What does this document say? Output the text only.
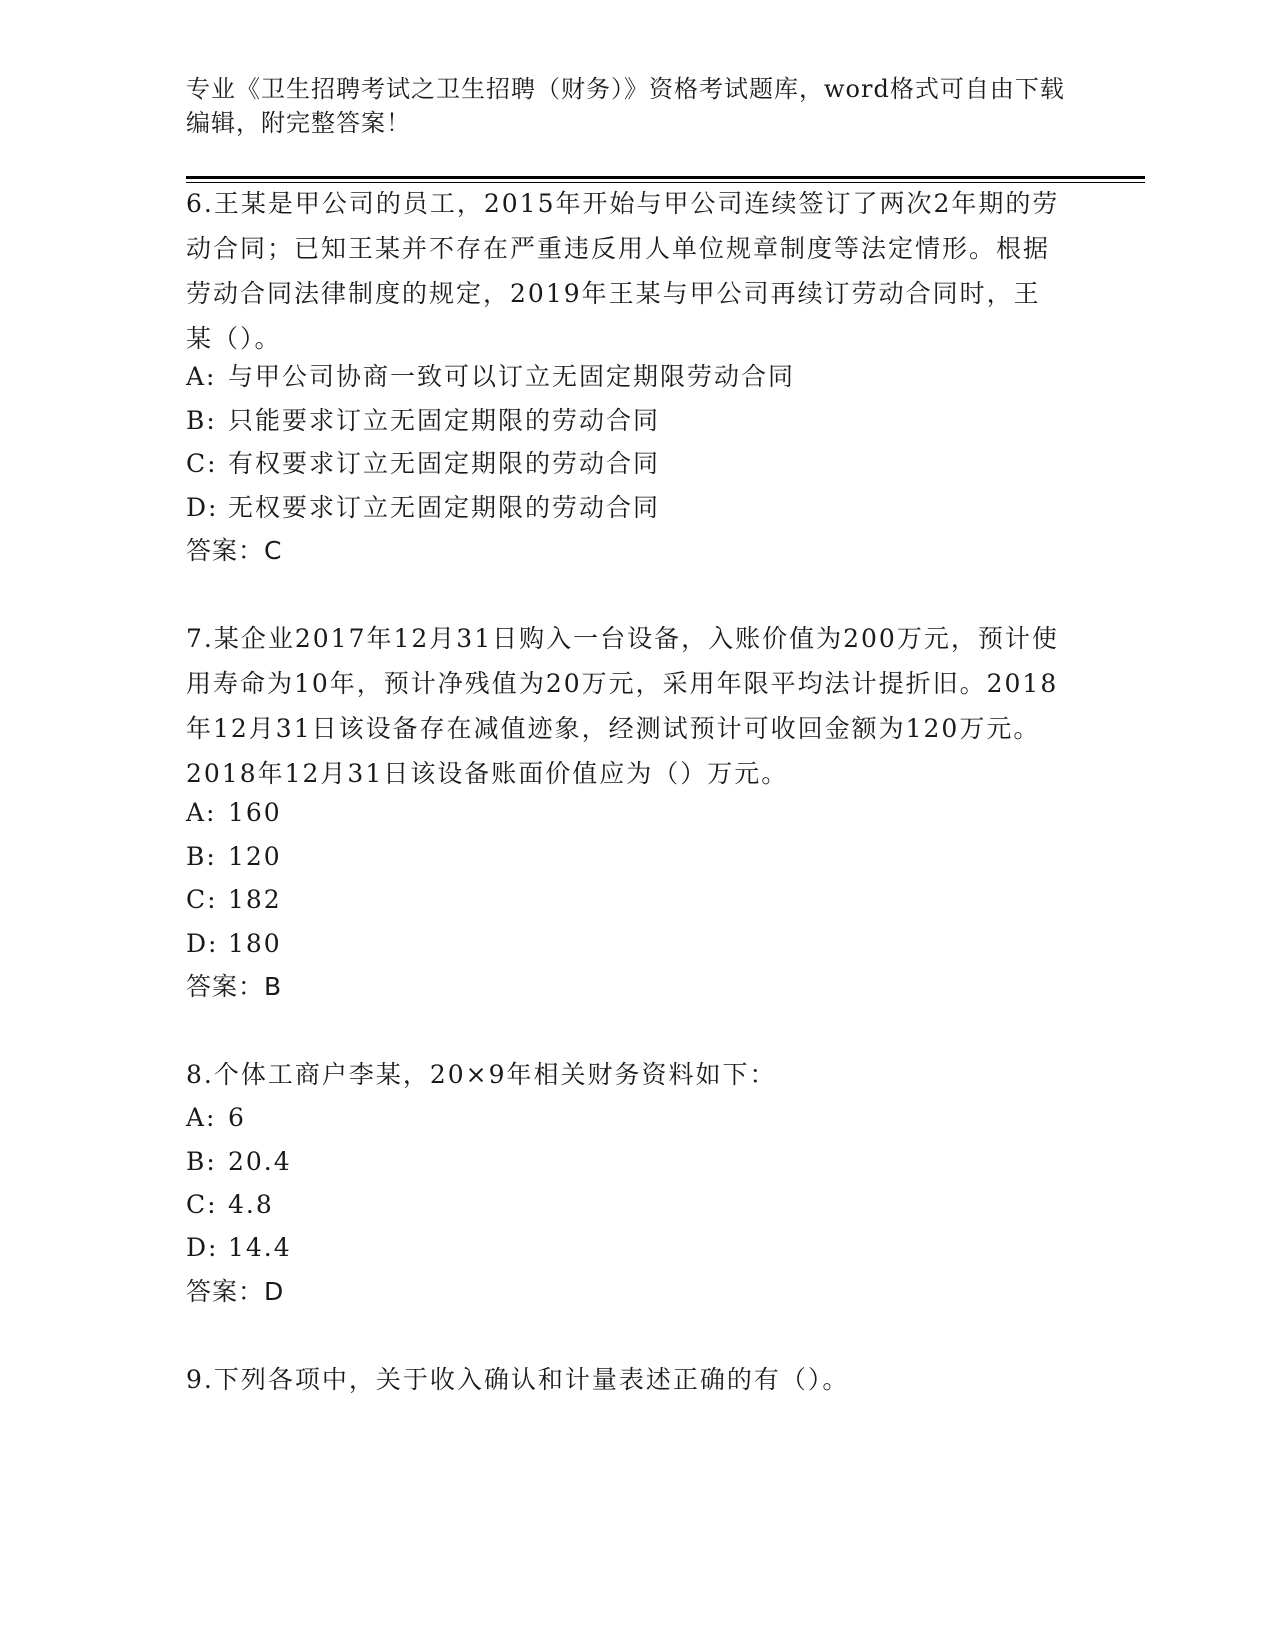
专业《卫生招聘考试之卫生招聘（财务）》资格考试题库，word格式可自由下载
编辑，附完整答案！
6.王某是甲公司的员工，2015年开始与甲公司连续签订了两次2年期的劳动合同；已知王某并不存在严重违反用人单位规章制度等法定情形。根据劳动合同法律制度的规定，2019年王某与甲公司再续订劳动合同时，王某（）。
A: 与甲公司协商一致可以订立无固定期限劳动合同
B: 只能要求订立无固定期限的劳动合同
C: 有权要求订立无固定期限的劳动合同
D: 无权要求订立无固定期限的劳动合同
答案：C
7.某企业2017年12月31日购入一台设备，入账价值为200万元，预计使用寿命为10年，预计净残值为20万元，采用年限平均法计提折旧。2018年12月31日该设备存在减值迹象，经测试预计可收回金额为120万元。2018年12月31日该设备账面价值应为（）万元。
A: 160
B: 120
C: 182
D: 180
答案：B
8.个体工商户李某，20×9年相关财务资料如下：
A: 6
B: 20.4
C: 4.8
D: 14.4
答案：D
9.下列各项中，关于收入确认和计量表述正确的有（）。
